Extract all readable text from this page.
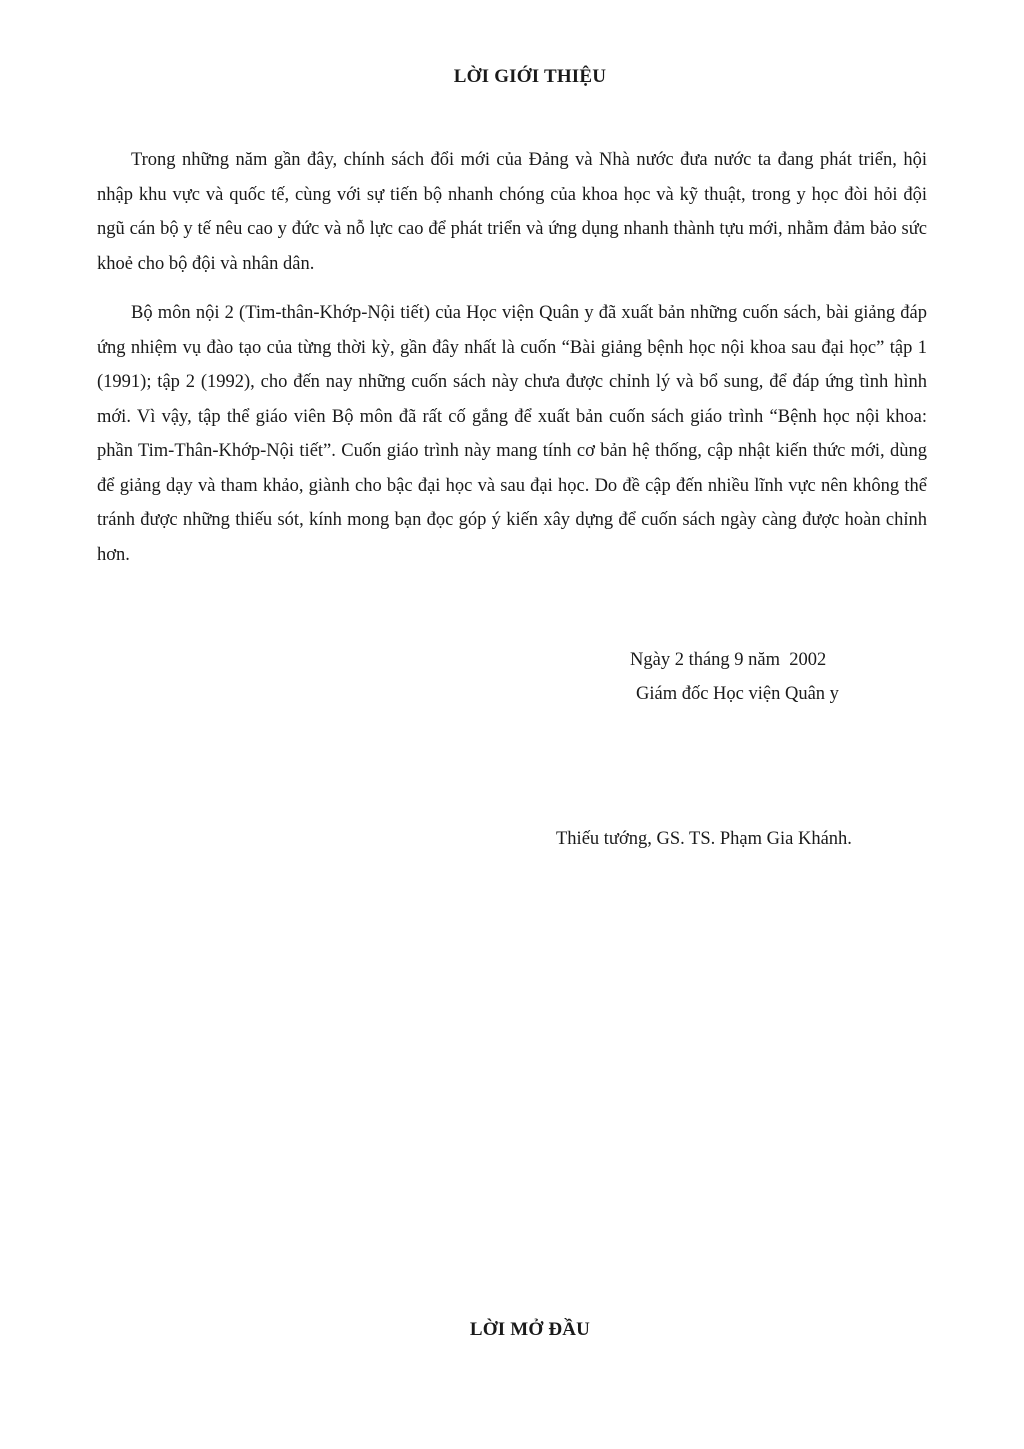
LỜI GIỚI THIỆU

Trong những năm gần đây, chính sách đổi mới của Đảng và Nhà nước đưa nước ta đang phát triển, hội nhập khu vực và quốc tế, cùng với sự tiến bộ nhanh chóng của khoa học và kỹ thuật, trong y học đòi hỏi đội ngũ cán bộ y tế nêu cao y đức và nỗ lực cao để phát triển và ứng dụng nhanh thành tựu mới, nhằm đảm bảo sức khoẻ cho bộ đội và nhân dân.

Bộ môn nội 2 (Tim-thân-Khớp-Nội tiết) của Học viện Quân y đã xuất bản những cuốn sách, bài giảng đáp ứng nhiệm vụ đào tạo của từng thời kỳ, gần đây nhất là cuốn “Bài giảng bệnh học nội khoa sau đại học” tập 1 (1991); tập 2 (1992), cho đến nay những cuốn sách này chưa được chỉnh lý và bổ sung, để đáp ứng tình hình mới. Vì vậy, tập thể giáo viên Bộ môn đã rất cố gắng để xuất bản cuốn sách giáo trình “Bệnh học nội khoa: phần Tim-Thân-Khớp-Nội tiết”. Cuốn giáo trình này mang tính cơ bản hệ thống, cập nhật kiến thức mới, dùng để giảng dạy và tham khảo, giành cho bậc đại học và sau đại học. Do đề cập đến nhiều lĩnh vực nên không thể tránh được những thiếu sót, kính mong bạn đọc góp ý kiến xây dựng để cuốn sách ngày càng được hoàn chỉnh hơn.

Ngày 2 tháng 9 năm  2002
Giám đốc Học viện Quân y
Thiếu tướng, GS. TS. Phạm Gia Khánh.
LỜI MỞ ĐẦU
